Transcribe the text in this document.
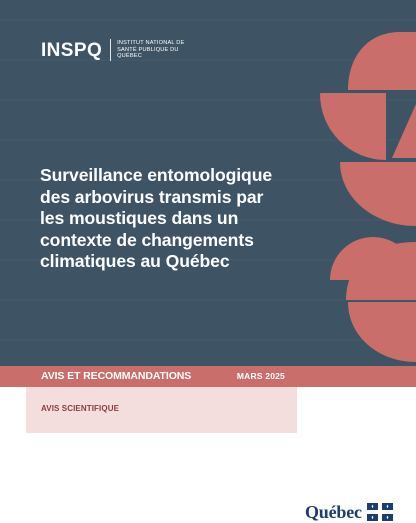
INSPQ	INSTITUT NATIONAL DE SANTÉ PUBLIQUE DU QUÉBEC
Surveillance entomologique
des arbovirus transmis par
les moustiques dans un
contexte de changements
climatiques au Québec
AVIS ET RECOMMANDATIONS	MARS 2025
AVIS SCIENTIFIQUE
Québec
